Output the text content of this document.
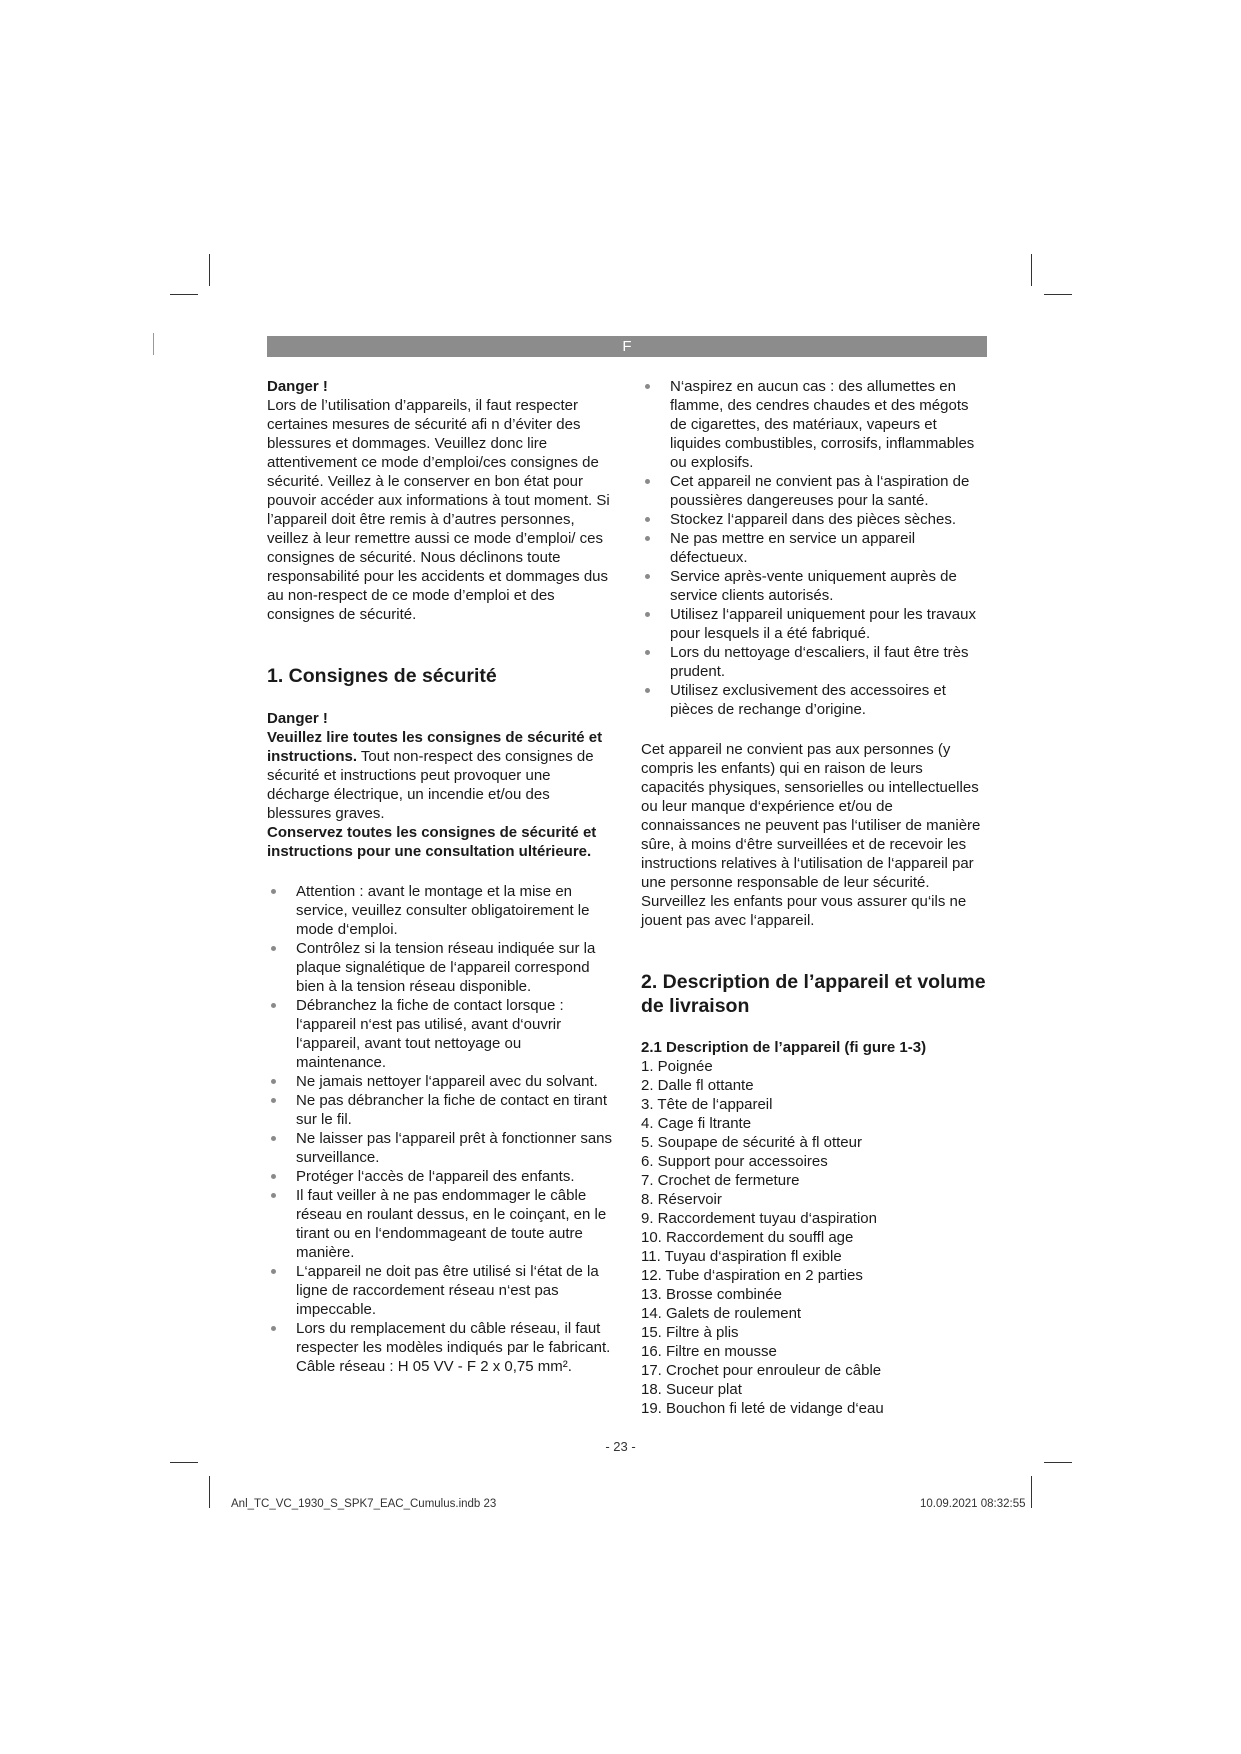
F

Danger !

Lors de l’utilisation d’appareils, il faut respecter certaines mesures de sécurité afi n d’éviter des blessures et dommages. Veuillez donc lire attentivement ce mode d’emploi/ces consignes de sécurité. Veillez à le conserver en bon état pour pouvoir accéder aux informations à tout moment. Si l’appareil doit être remis à d’autres personnes, veillez à leur remettre aussi ce mode d’emploi/ ces consignes de sécurité. Nous déclinons toute responsabilité pour les accidents et dommages dus au non-respect de ce mode d’emploi et des consignes de sécurité.

1. Consignes de sécurité

Danger !

Veuillez lire toutes les consignes de sécurité et instructions. Tout non-respect des consignes de sécurité et instructions peut provoquer une décharge électrique, un incendie et/ou des blessures graves.

Conservez toutes les consignes de sécurité et instructions pour une consultation ultérieure.

Attention : avant le montage et la mise en service, veuillez consulter obligatoirement le mode d‘emploi.
Contrôlez si la tension réseau indiquée sur la plaque signalétique de l‘appareil correspond bien à la tension réseau disponible.
Débranchez la fiche de contact lorsque : l‘appareil n‘est pas utilisé, avant d‘ouvrir l‘appareil, avant tout nettoyage ou maintenance.
Ne jamais nettoyer l‘appareil avec du solvant.
Ne pas débrancher la fiche de contact en tirant sur le fil.
Ne laisser pas l‘appareil prêt à fonctionner sans surveillance.
Protéger l‘accès de l‘appareil des enfants.
Il faut veiller à ne pas endommager le câble réseau en roulant dessus, en le coinçant, en le tirant ou en l‘endommageant de toute autre manière.
L‘appareil ne doit pas être utilisé si l‘état de la ligne de raccordement réseau n‘est pas impeccable.
Lors du remplacement du câble réseau, il faut respecter les modèles indiqués par le fabricant. Câble réseau : H 05 VV - F 2 x 0,75 mm².
N‘aspirez en aucun cas : des allumettes en flamme, des cendres chaudes et des mégots de cigarettes, des matériaux, vapeurs et liquides combustibles, corrosifs, inflammables ou explosifs.
Cet appareil ne convient pas à l‘aspiration de poussières dangereuses pour la santé.
Stockez l‘appareil dans des pièces sèches.
Ne pas mettre en service un appareil défectueux.
Service après-vente uniquement auprès de service clients autorisés.
Utilisez l‘appareil uniquement pour les travaux pour lesquels il a été fabriqué.
Lors du nettoyage d‘escaliers, il faut être très prudent.
Utilisez exclusivement des accessoires et pièces de rechange d’origine.

Cet appareil ne convient pas aux personnes (y compris les enfants) qui en raison de leurs capacités physiques, sensorielles ou intellectuelles ou leur manque d‘expérience et/ou de connaissances ne peuvent pas l‘utiliser de manière sûre, à moins d‘être surveillées et de recevoir les instructions relatives à l‘utilisation de l‘appareil par une personne responsable de leur sécurité. Surveillez les enfants pour vous assurer qu‘ils ne jouent pas avec l‘appareil.

2. Description de l’appareil et volume de livraison
2.1 Description de l’appareil (fi gure 1-3)
1. Poignée
2. Dalle fl ottante
3. Tête de l‘appareil
4. Cage fi ltrante
5. Soupape de sécurité à fl otteur
6. Support pour accessoires
7. Crochet de fermeture
8. Réservoir
9. Raccordement tuyau d‘aspiration
10. Raccordement du souffl age
11. Tuyau d‘aspiration fl exible
12. Tube d‘aspiration en 2 parties
13. Brosse combinée
14. Galets de roulement
15. Filtre à plis
16. Filtre en mousse
17. Crochet pour enrouleur de câble
18. Suceur plat
19. Bouchon fi leté de vidange d‘eau
- 23 -
Anl_TC_VC_1930_S_SPK7_EAC_Cumulus.indb 23	10.09.2021 08:32:55
